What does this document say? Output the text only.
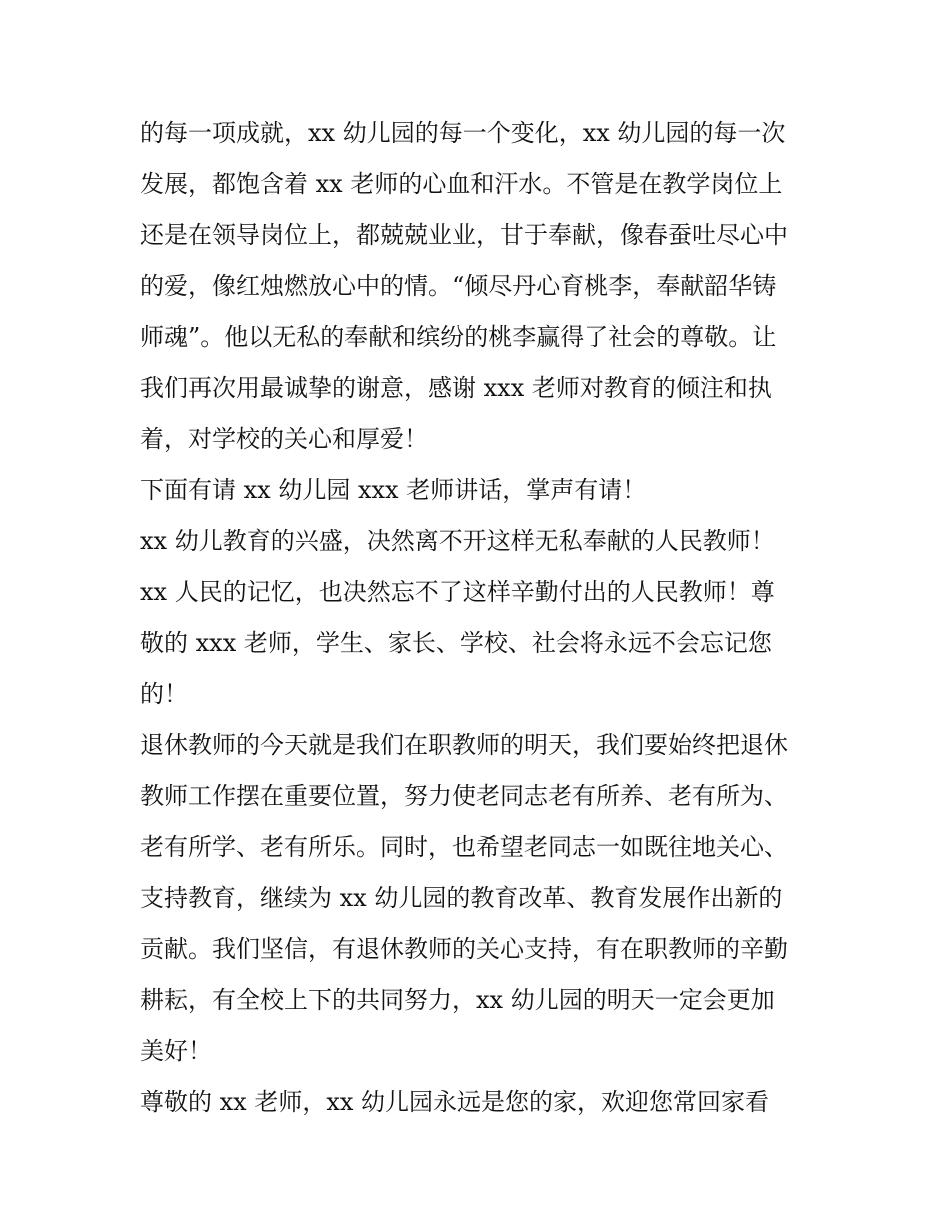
的每一项成就，xx 幼儿园的每一个变化，xx 幼儿园的每一次
发展，都饱含着 xx 老师的心血和汗水。不管是在教学岗位上
还是在领导岗位上，都兢兢业业，甘于奉献，像春蚕吐尽心中
的爱，像红烛燃放心中的情。“倾尽丹心育桃李，奉献韶华铸
师魂”。他以无私的奉献和缤纷的桃李赢得了社会的尊敬。让
我们再次用最诚挚的谢意，感谢 xxx 老师对教育的倾注和执
着，对学校的关心和厚爱！
下面有请 xx 幼儿园 xxx 老师讲话，掌声有请！
xx 幼儿教育的兴盛，决然离不开这样无私奉献的人民教师！
xx 人民的记忆，也决然忘不了这样辛勤付出的人民教师！尊
敬的 xxx 老师，学生、家长、学校、社会将永远不会忘记您
的！
退休教师的今天就是我们在职教师的明天，我们要始终把退休
教师工作摆在重要位置，努力使老同志老有所养、老有所为、
老有所学、老有所乐。同时，也希望老同志一如既往地关心、
支持教育，继续为 xx 幼儿园的教育改革、教育发展作出新的
贡献。我们坚信，有退休教师的关心支持，有在职教师的辛勤
耕耘，有全校上下的共同努力，xx 幼儿园的明天一定会更加
美好！
尊敬的 xx 老师，xx 幼儿园永远是您的家，欢迎您常回家看
